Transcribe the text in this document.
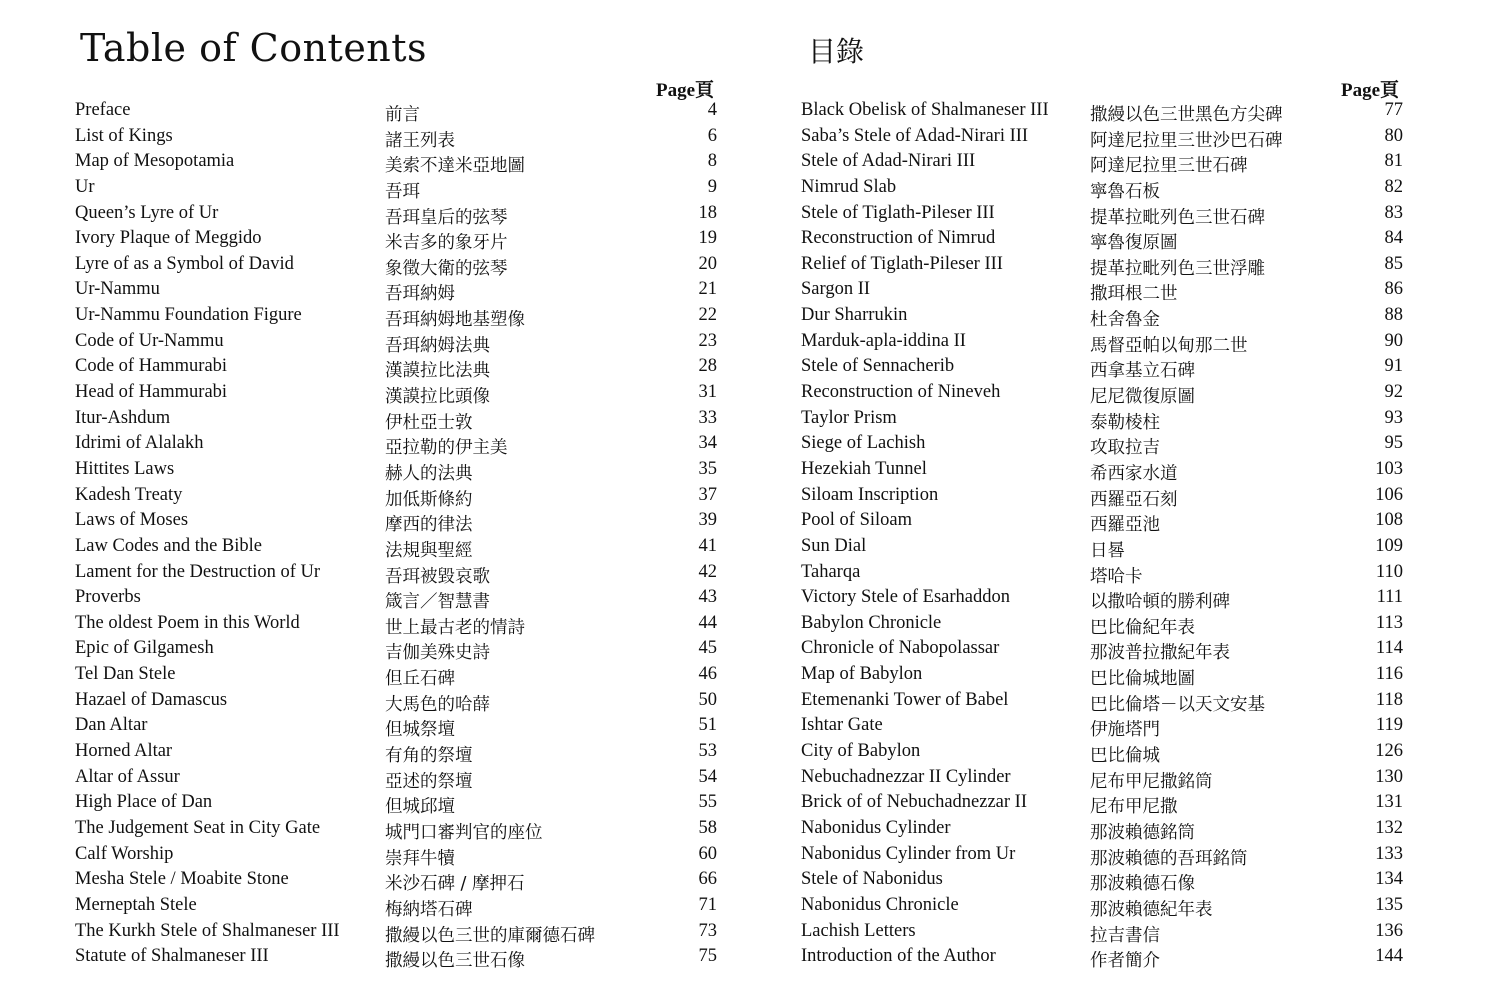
Table of Contents
Page頁
Preface	前言	4
List of Kings	諸王列表	6
Map of Mesopotamia	美索不達米亞地圖	8
Ur	吾珥	9
Queen’s Lyre of Ur	吾珥皇后的弦琴	18
Ivory Plaque of Meggido	米吉多的象牙片	19
Lyre of as a Symbol of David	象徵大衛的弦琴	20
Ur-Nammu	吾珥納姆	21
Ur-Nammu Foundation Figure	吾珥納姆地基塑像	22
Code of Ur-Nammu	吾珥納姆法典	23
Code of Hammurabi	漢謨拉比法典	28
Head of Hammurabi	漢謨拉比頭像	31
Itur-Ashdum	伊杜亞士敦	33
Idrimi of Alalakh	亞拉勒的伊主美	34
Hittites Laws	赫人的法典	35
Kadesh Treaty	加低斯條約	37
Laws of Moses	摩西的律法	39
Law Codes and the Bible	法規與聖經	41
Lament for the Destruction of Ur	吾珥被毀哀歌	42
Proverbs	箴言／智慧書	43
The oldest Poem in this World	世上最古老的情詩	44
Epic of Gilgamesh	吉伽美殊史詩	45
Tel Dan Stele	但丘石碑	46
Hazael of Damascus	大馬色的哈薛	50
Dan Altar	但城祭壇	51
Horned Altar	有角的祭壇	53
Altar of Assur	亞述的祭壇	54
High Place of Dan	但城邱壇	55
The Judgement Seat in City Gate	城門口審判官的座位	58
Calf Worship	崇拜牛犢	60
Mesha Stele / Moabite Stone	米沙石碑 / 摩押石	66
Merneptah Stele	梅納塔石碑	71
The Kurkh Stele of Shalmaneser III	撒縵以色三世的庫爾德石碑	73
Statute of Shalmaneser III	撒縵以色三世石像	75
目錄
Page頁
Black Obelisk of Shalmaneser III 撒縵以色三世黑色方尖碑	77
Saba’s Stele of Adad-Nirari III	阿達尼拉里三世沙巴石碑	80
Stele of Adad-Nirari III	阿達尼拉里三世石碑	81
Nimrud Slab	寧魯石板	82
Stele of Tiglath-Pileser III	提革拉毗列色三世石碑	83
Reconstruction of Nimrud	寧魯復原圖	84
Relief of Tiglath-Pileser III	提革拉毗列色三世浮雕	85
Sargon II	撒珥根二世	86
Dur Sharrukin	杜舍魯金	88
Marduk-apla-iddina II	馬督亞帕以甸那二世	90
Stele of Sennacherib	西拿基立石碑	91
Reconstruction of Nineveh	尼尼微復原圖	92
Taylor Prism	泰勒棱柱	93
Siege of Lachish	攻取拉吉	95
Hezekiah Tunnel	希西家水道	103
Siloam Inscription	西羅亞石刻	106
Pool of Siloam	西羅亞池	108
Sun Dial	日晷	109
Taharqa	塔哈卡	110
Victory Stele of Esarhaddon	以撒哈頓的勝利碑	111
Babylon Chronicle	巴比倫紀年表	113
Chronicle of Nabopolassar	那波普拉撒紀年表	114
Map of Babylon	巴比倫城地圖	116
Etemenanki Tower of Babel	巴比倫塔－以天文安基	118
Ishtar Gate	伊施塔門	119
City of Babylon	巴比倫城	126
Nebuchadnezzar II Cylinder	尼布甲尼撒銘筒	130
Brick of of Nebuchadnezzar II	尼布甲尼撒	131
Nabonidus Cylinder	那波賴德銘筒	132
Nabonidus Cylinder from Ur	那波賴德的吾珥銘筒	133
Stele of Nabonidus	那波賴德石像	134
Nabonidus Chronicle	那波賴德紀年表	135
Lachish Letters	拉吉書信	136
Introduction of the Author	作者簡介	144
